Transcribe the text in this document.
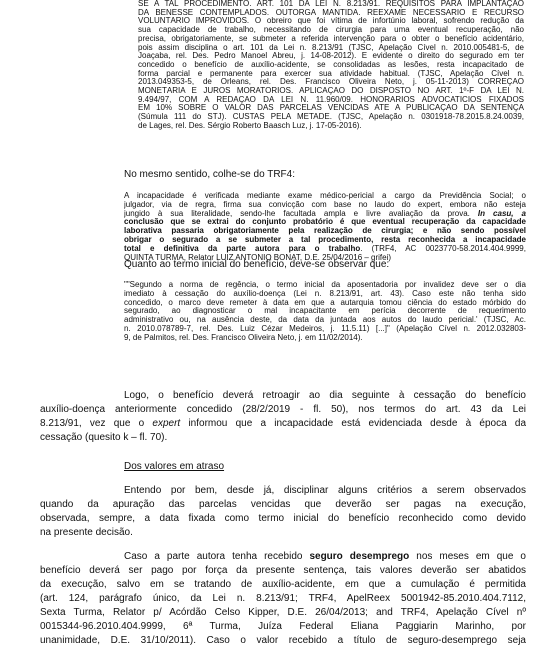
SE A TAL PROCEDIMENTO. ART. 101 DA LEI N. 8.213/91. REQUISITOS PARA IMPLANTAÇÃO
DA BENESSE CONTEMPLADOS. OUTORGA MANTIDA. REEXAME NECESSÁRIO E RECURSO
VOLUNTÁRIO IMPROVIDOS. O obreiro que foi vítima de infortúnio laboral, sofrendo redução da
sua capacidade de trabalho, necessitando de cirurgia para uma eventual recuperação, não
precisa, obrigatoriamente, se submeter a referida intervenção para o obter o benefício acidentário,
pois assim disciplina o art. 101 da Lei n. 8.213/91 (TJSC, Apelação Cível n. 2010.005481-5, de
Joaçaba, rel. Des. Pedro Manoel Abreu, j. 14-08-2012). É evidente o direito do segurado em ter
concedido o benefício de auxílio-acidente, se consolidadas as lesões, resta incapacitado de
forma parcial e permanente para exercer sua atividade habitual. (TJSC, Apelação Cível n.
2013.049353-5, de Orleans, rel. Des. Francisco Oliveira Neto, j. 05-11-2013) CORREÇÃO
MONETÁRIA E JUROS MORATÓRIOS. APLICAÇÃO DO DISPOSTO NO ART. 1º-F DA LEI N.
9.494/97, COM A REDAÇÃO DA LEI N. 11.960/09. HONORÁRIOS ADVOCATÍCIOS FIXADOS
EM 10% SOBRE O VALOR DAS PARCELAS VENCIDAS ATÉ A PUBLICAÇÃO DA SENTENÇA
(Súmula 111 do STJ). CUSTAS PELA METADE. (TJSC, Apelação n. 0301918-78.2015.8.24.0039,
de Lages, rel. Des. Sérgio Roberto Baasch Luz, j. 17-05-2016).

No mesmo sentido, colhe-se do TRF4:

A incapacidade é verificada mediante exame médico-pericial a cargo da Previdência Social; o
julgador, via de regra, firma sua convicção com base no laudo do expert, embora não esteja
jungido à sua literalidade, sendo-lhe facultada ampla e livre avaliação da prova. In casu, a
conclusão que se extrai do conjunto probatório é que eventual recuperação da capacidade
laborativa passaria obrigatoriamente pela realização de cirurgia; e não sendo possível
obrigar o segurado a se submeter a tal procedimento, resta reconhecida a incapacidade
total e definitiva da parte autora para o trabalho. (TRF4, AC 0023770-58.2014.404.9999,
QUINTA TURMA, Relator LUIZ ANTONIO BONAT, D.E. 25/04/2016 – grifei)

Quanto ao termo inicial do benefício, deve-se observar que:

""Segundo a norma de regência, o termo inicial da aposentadoria por invalidez deve ser o dia
imediato à cessação do auxílio-doença (Lei n. 8.213/91, art. 43). Caso este não tenha sido
concedido, o marco deve remeter à data em que a autarquia tomou ciência do estado mórbido do
segurado, ao diagnosticar o mal incapacitante em perícia decorrente de requerimento
administrativo ou, na ausência deste, da data da juntada aos autos do laudo pericial.' (TJSC, Ac.
n. 2010.078789-7, rel. Des. Luiz Cézar Medeiros, j. 11.5.11) [...]" (Apelação Cível n. 2012.032803-
9, de Palmitos, rel. Des. Francisco Oliveira Neto, j. em 11/02/2014).
Logo, o benefício deverá retroagir ao dia seguinte à cessação do benefício
auxílio-doença anteriormente concedido (28/2/2019 - fl. 50), nos termos do art. 43 da Lei
8.213/91, vez que o expert informou que a incapacidade está evidenciada desde à época da
cessação (quesito k – fl. 70).
Dos valores em atraso
Entendo por bem, desde já, disciplinar alguns critérios a serem observados
quando da apuração das parcelas vencidas que deverão ser pagas na execução,
observada, sempre, a data fixada como termo inicial do benefício reconhecido como devido
na presente decisão.
Caso a parte autora tenha recebido seguro desemprego nos meses em que o
benefício deverá ser pago por força da presente sentença, tais valores deverão ser abatidos
da execução, salvo em se tratando de auxílio-acidente, em que a cumulação é permitida
(art. 124, parágrafo único, da Lei n. 8.213/91; TRF4, ApelReex 5001942-85.2010.404.7112,
Sexta Turma, Relator p/ Acórdão Celso Kipper, D.E. 26/04/2013; and TRF4, Apelação Cível nº
0015344-96.2010.404.9999, 6ª Turma, Juíza Federal Eliana Paggiarin Marinho, por
unanimidade, D.E. 31/10/2011). Caso o valor recebido a título de seguro-desemprego seja
